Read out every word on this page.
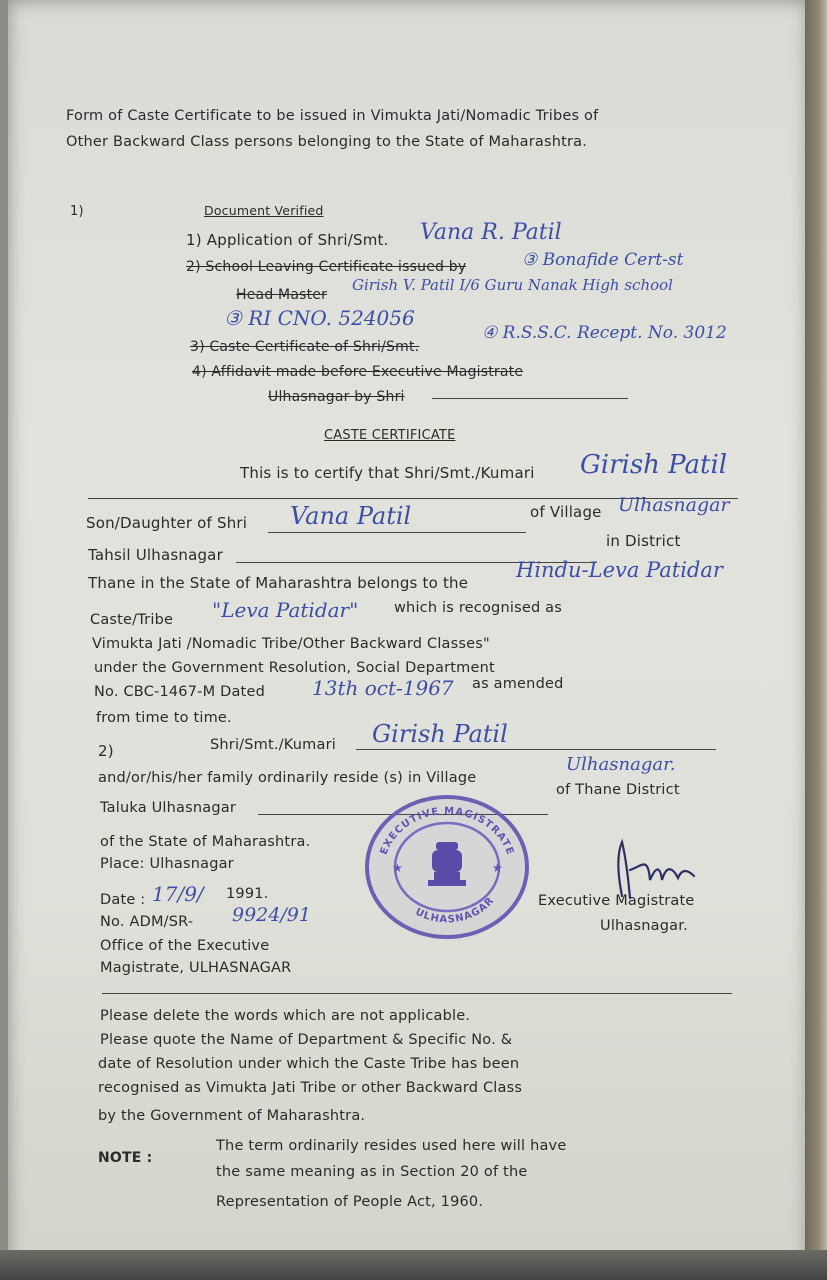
Form of Caste Certificate to be issued in Vimukta Jati/Nomadic Tribes of
Other Backward Class persons belonging to the State of Maharashtra.
1)	Document Verified
1) Application of Shri/Smt. Vana R. Patil
2) School Leaving Certificate issued by	③ Bonafide Cert-st
Head Master
Girish V. Patil I/6 Guru Nanak High school
③ RI CNO. 524056
3) Caste Certificate of Shri/Smt.
④ R.S.S.C. Recept. No. 3012
4) Affidavit made before Executive Magistrate
Ulhasnagar by Shri
CASTE CERTIFICATE
This is to certify that Shri/Smt./Kumari Girish Patil
Son/Daughter of Shri Vana Patil	of Village Ulhasnagar
Tahsil Ulhasnagar
in District
Thane in the State of Maharashtra belongs to the
Hindu-Leva Patidar
Caste/Tribe "Leva Patidar" which is recognised as
Vimukta Jati /Nomadic Tribe/Other Backward Classes"
under the Government Resolution, Social Department
No. CBC-1467-M Dated 13th oct-1967 as amended
from time to time.
2)	Shri/Smt./Kumari Girish Patil
and/or/his/her family ordinarily reside (s) in Village
Ulhasnagar.
Taluka Ulhasnagar
of Thane District
of the State of Maharashtra.
Place: Ulhasnagar
Date : 17/9/ 1991.
No. ADM/SR- 9924/91
Office of the Executive
Magistrate, ULHASNAGAR
Executive Magistrate
Ulhasnagar.
EXECUTIVE MAGISTRATE
ULHASNAGAR
★	★
Please delete the words which are not applicable.
Please quote the Name of Department & Specific No. &
date of Resolution under which the Caste Tribe has been
recognised as Vimukta Jati Tribe or other Backward Class
by the Government of Maharashtra.
NOTE :
The term ordinarily resides used here will have
the same meaning as in Section 20 of the
Representation of People Act, 1960.
